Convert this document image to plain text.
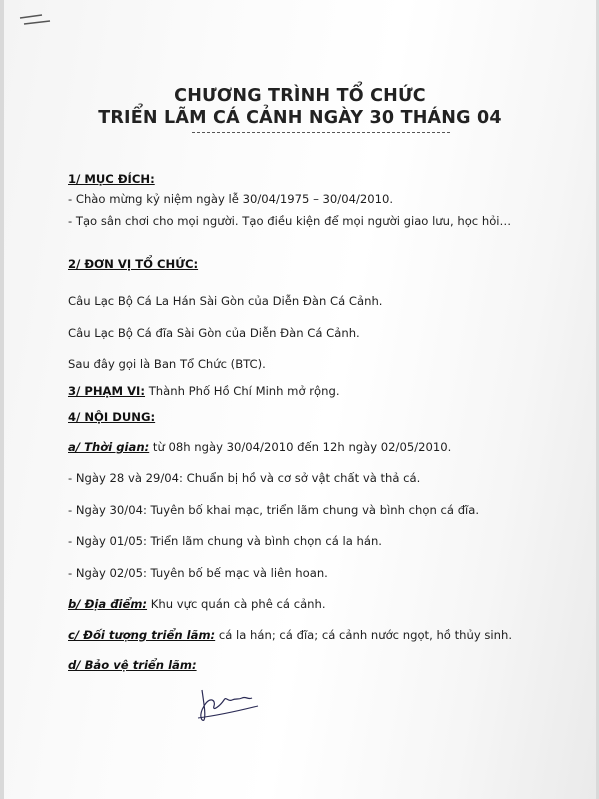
CHƯƠNG TRÌNH TỔ CHỨC
TRIỂN LÃM CÁ CẢNH NGÀY 30 THÁNG 04
1/ MỤC ĐÍCH:
- Chào mừng kỷ niệm ngày lễ 30/04/1975 – 30/04/2010.
- Tạo sân chơi cho mọi người. Tạo điều kiện để mọi người giao lưu, học hỏi…
2/ ĐƠN VỊ TỔ CHỨC:
Câu Lạc Bộ Cá La Hán Sài Gòn của Diễn Đàn Cá Cảnh.
Câu Lạc Bộ Cá đĩa Sài Gòn của Diễn Đàn Cá Cảnh.
Sau đây gọi là Ban Tổ Chức (BTC).
3/ PHẠM VI: Thành Phố Hồ Chí Minh mở rộng.
4/ NỘI DUNG:
a/ Thời gian: từ 08h ngày 30/04/2010 đến 12h ngày 02/05/2010.
- Ngày 28 và 29/04: Chuẩn bị hồ và cơ sở vật chất và thả cá.
- Ngày 30/04: Tuyên bố khai mạc, triển lãm chung và bình chọn cá đĩa.
- Ngày 01/05: Triển lãm chung và bình chọn cá la hán.
- Ngày 02/05: Tuyên bố bế mạc và liên hoan.
b/ Địa điểm: Khu vực quán cà phê cá cảnh.
c/ Đối tượng triển lãm: cá la hán; cá đĩa; cá cảnh nước ngọt, hồ thủy sinh.
d/ Bảo vệ triển lãm:
